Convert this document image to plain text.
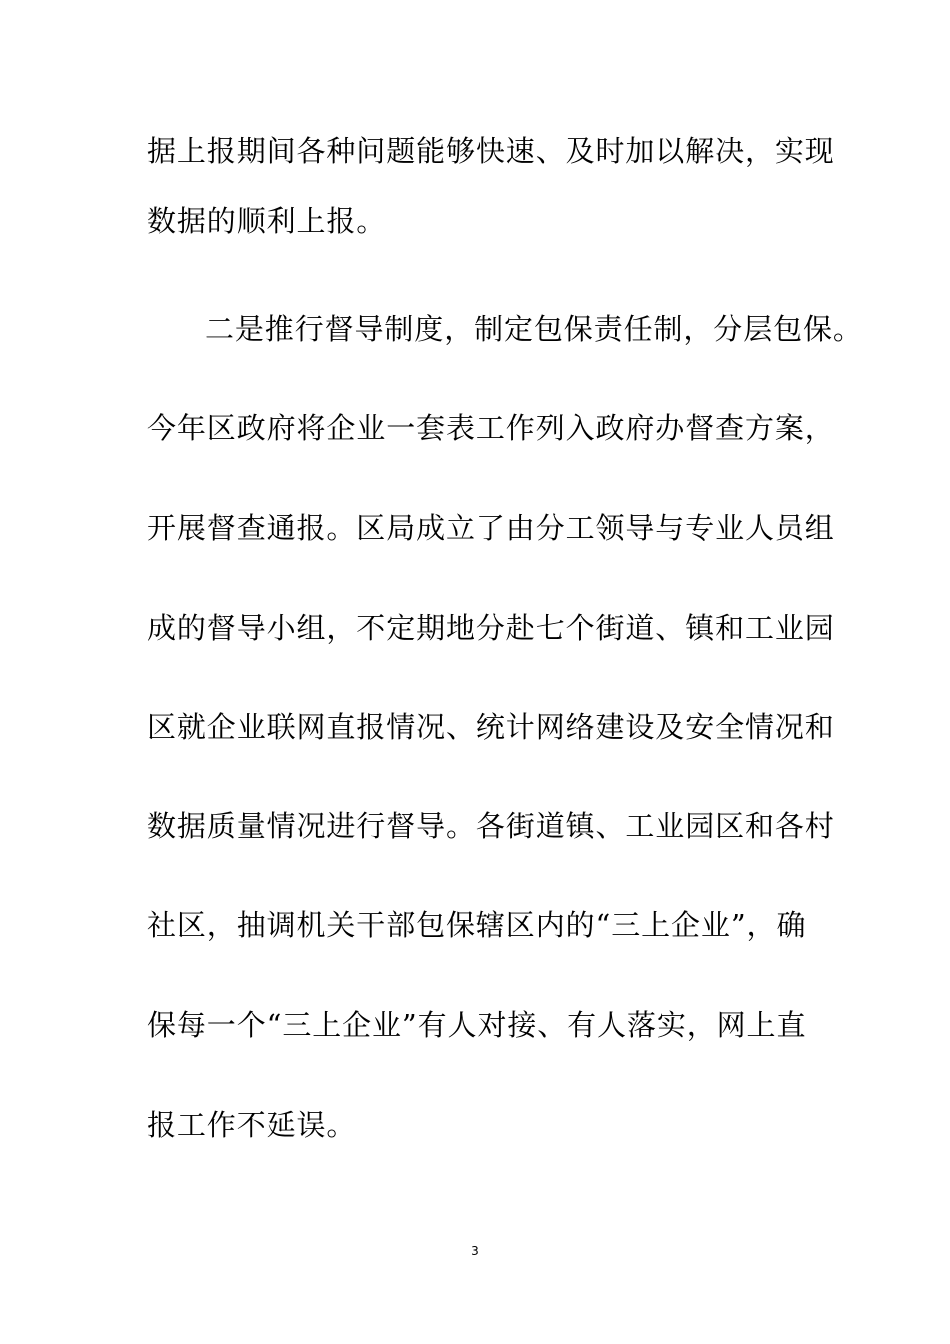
据上报期间各种问题能够快速、及时加以解决，实现
数据的顺利上报。
二是推行督导制度，制定包保责任制，分层包保。
今年区政府将企业一套表工作列入政府办督查方案，
开展督查通报。区局成立了由分工领导与专业人员组
成的督导小组，不定期地分赴七个街道、镇和工业园
区就企业联网直报情况、统计网络建设及安全情况和
数据质量情况进行督导。各街道镇、工业园区和各村
社区，抽调机关干部包保辖区内的“三上企业”，确
保每一个“三上企业”有人对接、有人落实，网上直
报工作不延误。
3
